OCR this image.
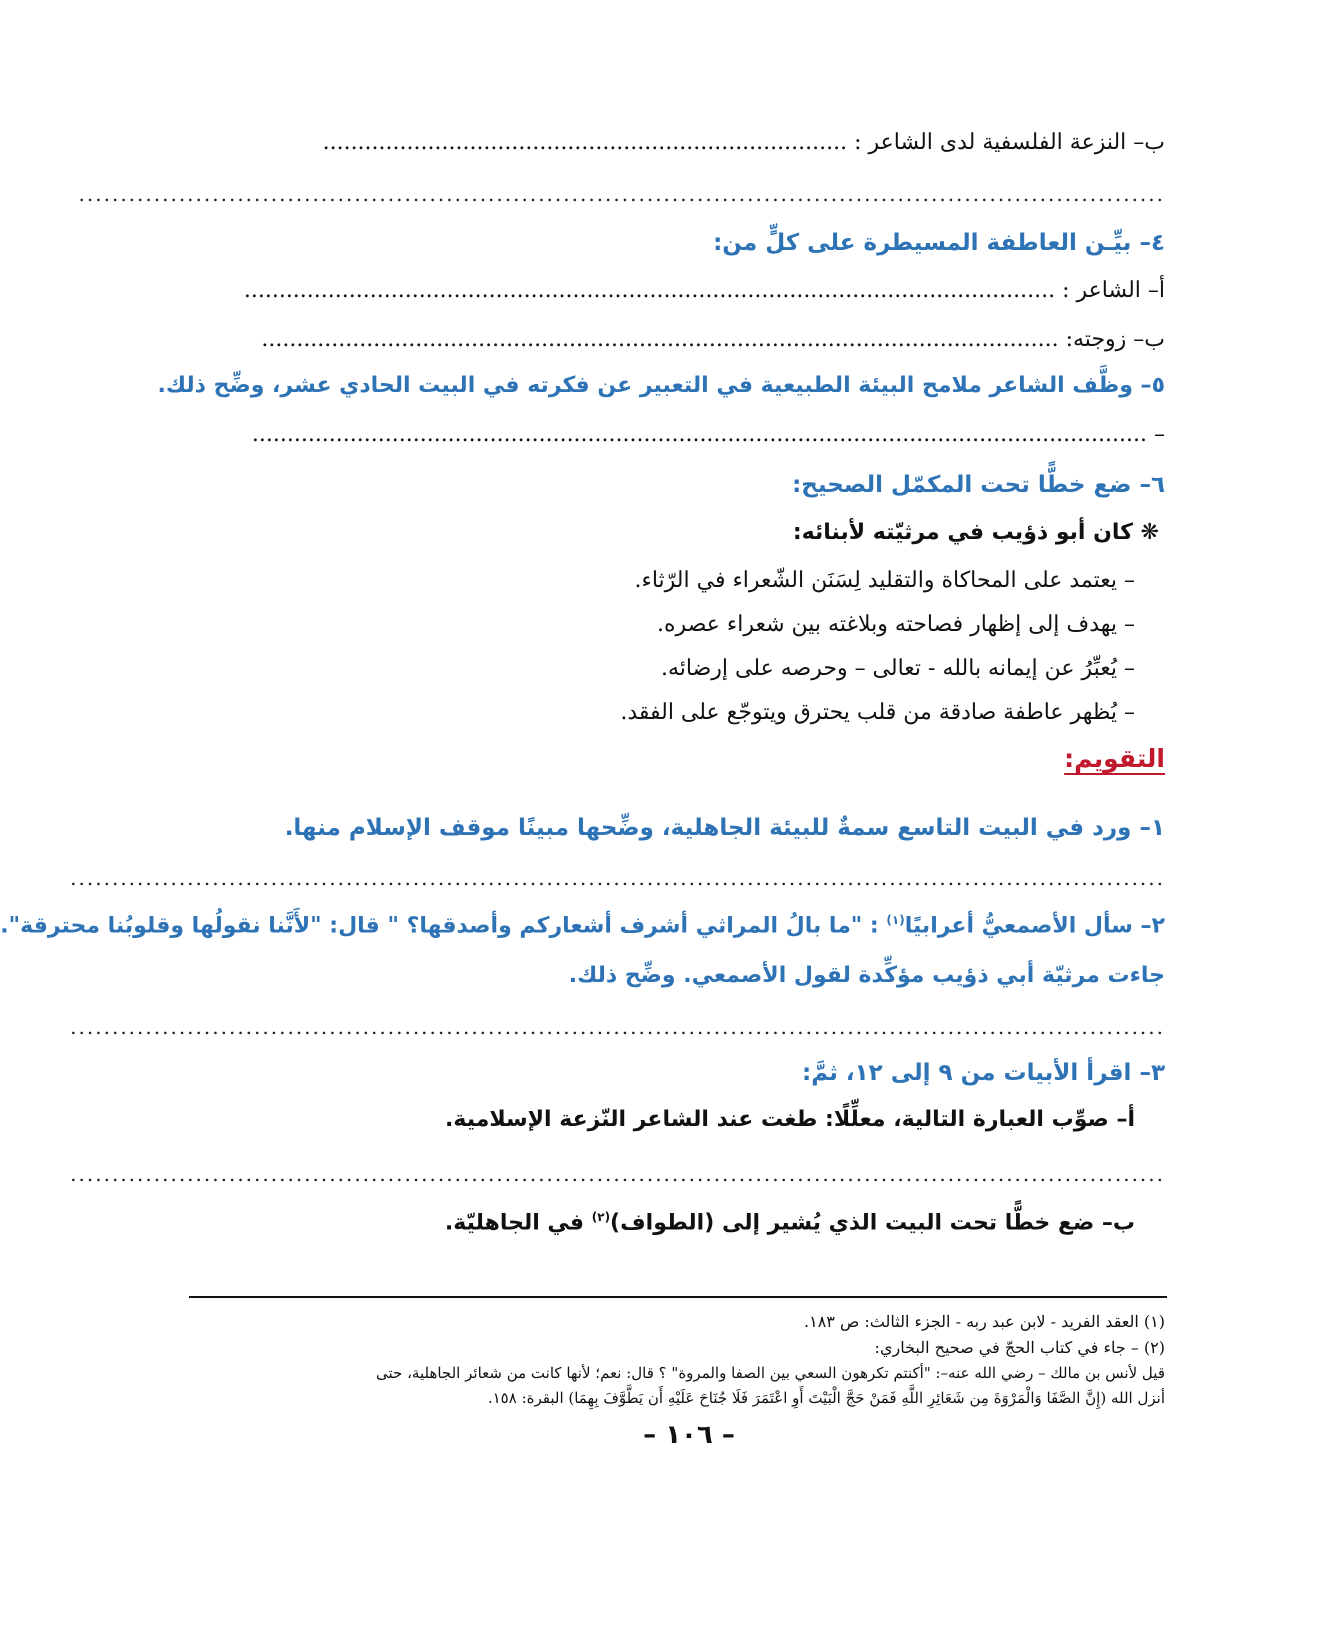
ب– النزعة الفلسفية لدى الشاعر : ...........................................................................
..................................................................................................................................
٤– بيِّـن العاطفة المسيطرة على كلٍّ من:
أ– الشاعر : ....................................................................................................................
ب– زوجته: ..................................................................................................................
٥– وظَّف الشاعر ملامح البيئة الطبيعية في التعبير عن فكرته في البيت الحادي عشر، وضِّح ذلك.
– ................................................................................................................................
٦– ضع خطًّا تحت المكمّل الصحيح:
❋ كان أبو ذؤيب في مرثيّته لأبنائه:
– يعتمد على المحاكاة والتقليد لِسَنَن الشّعراء في الرّثاء.
– يهدف إلى إظهار فصاحته وبلاغته بين شعراء عصره.
– يُعبِّرُ عن إيمانه بالله - تعالى – وحرصه على إرضائه.
– يُظهر عاطفة صادقة من قلب يحترق ويتوجّع على الفقد.
التقويم:
١– ورد في البيت التاسع سمةٌ للبيئة الجاهلية، وضِّحها مبينًا موقف الإسلام منها.
...................................................................................................................................
٢– سأل الأصمعيُّ أعرابيًا$^{(١)}$ : "ما بالُ المراثي أشرف أشعاركم وأصدقها؟ " قال: "لأَنَّنا نقولُها وقلوبُنا محترقة".
جاءت مرثيّة أبي ذؤيب مؤكِّدة لقول الأصمعي. وضِّح ذلك.
...................................................................................................................................
٣– اقرأ الأبيات من ٩ إلى ١٢، ثمَّ:
أ– صوِّب العبارة التالية، معلِّلًا: طغت عند الشاعر النّزعة الإسلامية.
...................................................................................................................................
ب– ضع خطًّا تحت البيت الذي يُشير إلى (الطواف)$^{(٢)}$ في الجاهليّة.
(١) العقد الفريد - لابن عبد ربه - الجزء الثالث: ص ١٨٣.
(٢) – جاء في كتاب الحجّ في صحيح البخاري:
قيل لأنس بن مالك – رضي الله عنه–: "أكنتم تكرهون السعي بين الصفا والمروة" ؟ قال: نعم؛ لأنها كانت من شعائر الجاهلية، حتى
أنزل الله (إِنَّ الصَّفَا وَالْمَرْوَةَ مِن شَعَائِرِ اللَّهِ فَمَنْ حَجَّ الْبَيْتَ أَوِ اعْتَمَرَ فَلَا جُنَاحَ عَلَيْهِ أَن يَطَّوَّفَ بِهِمَا) البقرة: ١٥٨.
– ١٠٦ –
